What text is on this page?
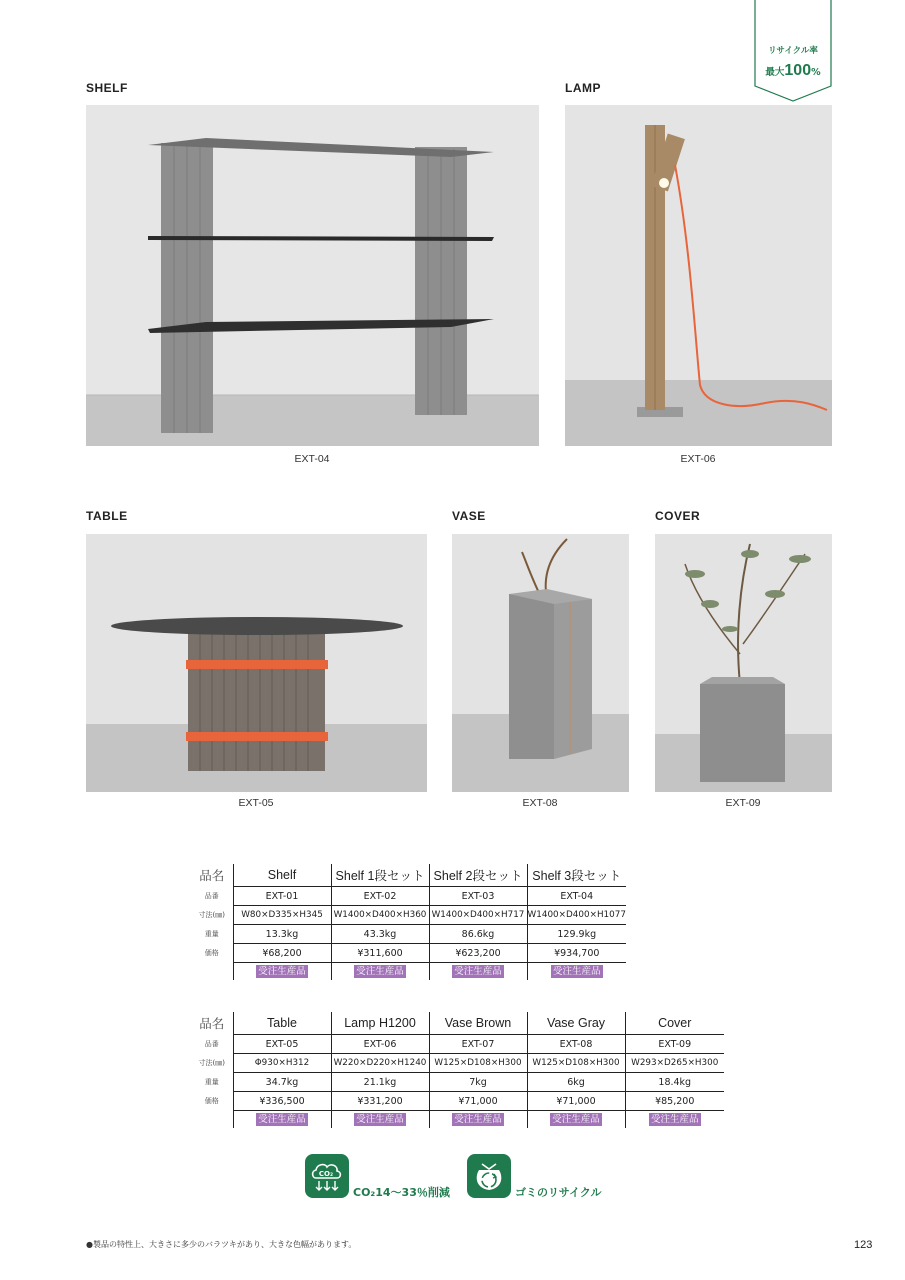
リサイクル率
最大100%
SHELF
EXT-04
LAMP
EXT-06
TABLE
EXT-05
VASE
EXT-08
COVER
EXT-09
品名	Shelf	Shelf 1段セット	Shelf 2段セット	Shelf 3段セット
品番	EXT-01	EXT-02	EXT-03	EXT-04
寸法(㎜)	W80×D335×H345	W1400×D400×H360	W1400×D400×H717	W1400×D400×H1077
重量	13.3kg	43.3kg	86.6kg	129.9kg
価格	¥68,200	¥311,600	¥623,200	¥934,700
	受注生産品	受注生産品	受注生産品	受注生産品
品名	Table	Lamp H1200	Vase Brown	Vase Gray	Cover
品番	EXT-05	EXT-06	EXT-07	EXT-08	EXT-09
寸法(㎜)	Φ930×H312	W220×D220×H1240	W125×D108×H300	W125×D108×H300	W293×D265×H300
重量	34.7kg	21.1kg	7kg	6kg	18.4kg
価格	¥336,500	¥331,200	¥71,000	¥71,000	¥85,200
	受注生産品	受注生産品	受注生産品	受注生産品	受注生産品
CO₂
CO₂14〜33％削減	ゴミのリサイクル
●製品の特性上、大きさに多少のバラツキがあり、大きな色幅があります。	123
